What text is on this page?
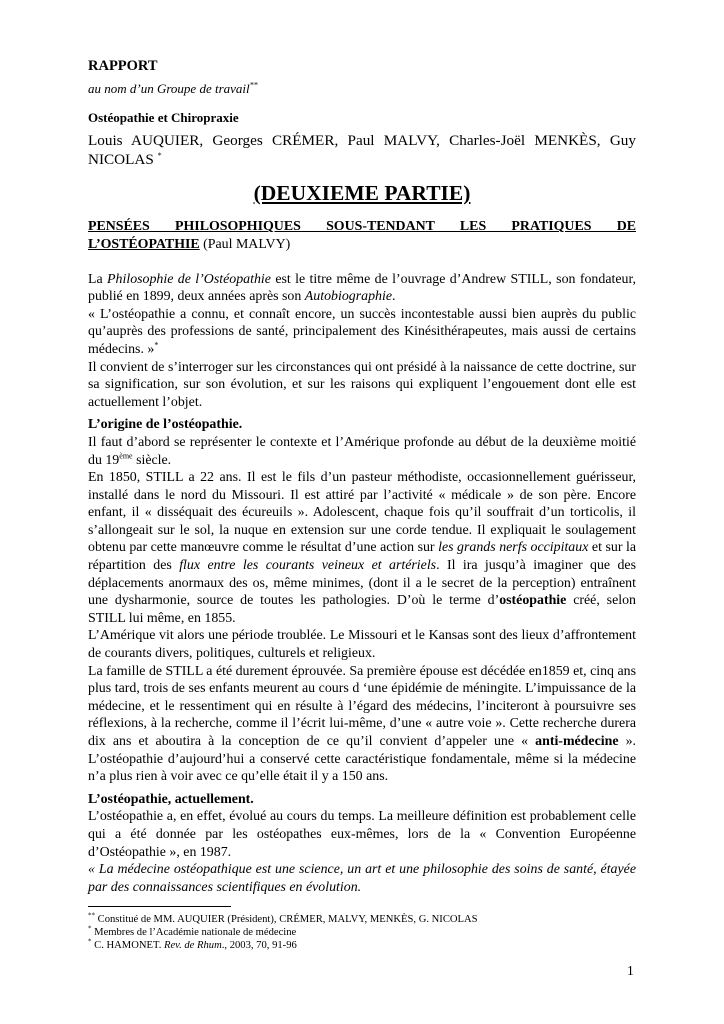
RAPPORT

au nom d’un Groupe de travail**

Ostéopathie et Chiropraxie

Louis AUQUIER, Georges CRÉMER, Paul MALVY, Charles-Joël MENKÈS, Guy NICOLAS *

(DEUXIEME PARTIE)

PENSÉES PHILOSOPHIQUES SOUS-TENDANT LES PRATIQUES DE

L’OSTÉOPATHIE (Paul MALVY)

La Philosophie de l’Ostéopathie est le titre même de l’ouvrage d’Andrew STILL, son fondateur, publié en 1899, deux années après son Autobiographie.

« L’ostéopathie a connu, et connaît encore, un succès incontestable aussi bien auprès du public qu’auprès des professions de santé, principalement des Kinésithérapeutes, mais aussi de certains médecins. »*

Il convient de s’interroger sur les circonstances qui ont présidé à la naissance de cette doctrine, sur sa signification, sur son évolution, et sur les raisons qui expliquent l’engouement dont elle est actuellement l’objet.

L’origine de l’ostéopathie.

Il faut d’abord se représenter le contexte et l’Amérique profonde au début de la deuxième moitié du 19ème siècle.

En 1850, STILL a 22 ans. Il est le fils d’un pasteur méthodiste, occasionnellement guérisseur, installé dans le nord du Missouri. Il est attiré par l’activité « médicale » de son père. Encore enfant, il « disséquait des écureuils ». Adolescent, chaque fois qu’il souffrait d’un torticolis, il s’allongeait sur le sol, la nuque en extension sur une corde tendue. Il expliquait le soulagement obtenu par cette manœuvre comme le résultat d’une action sur les grands nerfs occipitaux et sur la répartition des flux entre les courants veineux et artériels. Il ira jusqu’à imaginer que des déplacements anormaux des os, même minimes, (dont il a le secret de la perception) entraînent une dysharmonie, source de toutes les pathologies. D’où le terme d’ostéopathie créé, selon STILL lui même, en 1855.

L’Amérique vit alors une période troublée. Le Missouri et le Kansas sont des lieux d’affrontement de courants divers, politiques, culturels et religieux.

La famille de STILL a été durement éprouvée. Sa première épouse est décédée en1859 et, cinq ans plus tard, trois de ses enfants meurent au cours d ‘une épidémie de méningite. L’impuissance de la médecine, et le ressentiment qui en résulte à l’égard des médecins, l’inciteront à poursuivre ses réflexions, à la recherche, comme il l’écrit lui-même, d’une « autre voie ». Cette recherche durera dix ans et aboutira à la conception de ce qu’il convient d’appeler une « anti-médecine ». L’ostéopathie d’aujourd’hui a conservé cette caractéristique fondamentale, même si la médecine n’a plus rien à voir avec ce qu’elle était il y a 150 ans.

L’ostéopathie, actuellement.

L’ostéopathie a, en effet, évolué au cours du temps. La meilleure définition est probablement celle qui a été donnée par les ostéopathes eux-mêmes, lors de la « Convention Européenne d’Ostéopathie », en 1987.

« La médecine ostéopathique est une science, un art et une philosophie des soins de santé, étayée par des connaissances scientifiques en évolution.

** Constitué de MM. AUQUIER (Président), CRÉMER, MALVY, MENKÈS, G. NICOLAS

* Membres de l’Académie nationale de médecine

* C. HAMONET. Rev. de Rhum., 2003, 70, 91-96

1
